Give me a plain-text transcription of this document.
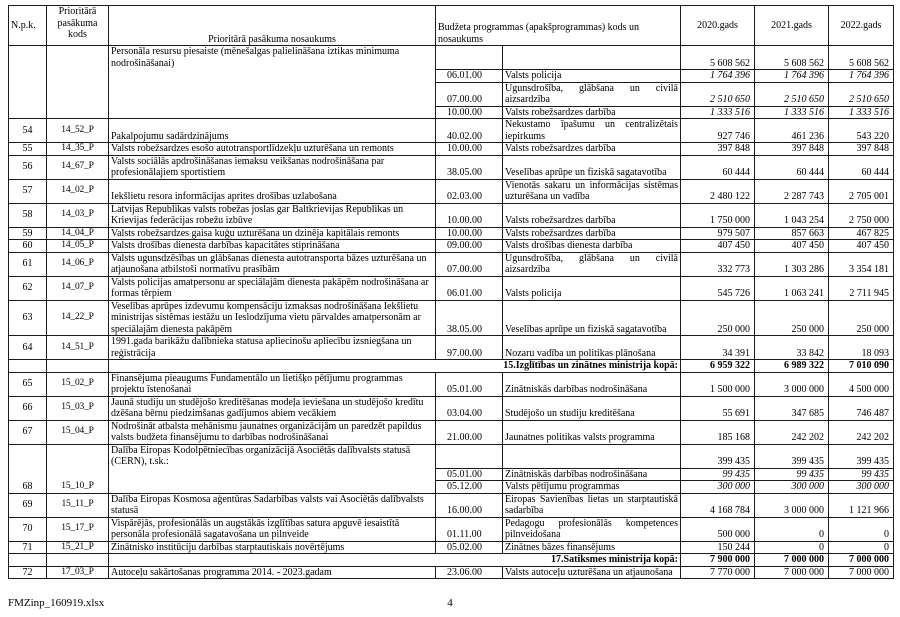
N.p.k.	Prioritārā pasākuma kods	Prioritārā pasākuma nosaukums	Budžeta programmas (apakšprogrammas) kods un nosaukums		2020.gads	2021.gads	2022.gads
		Personāla resursu piesaiste (mēnešalgas palielināšana iztikas minimuma nodrošināšanai)			5 608 562	5 608 562	5 608 562
			06.01.00	Valsts policija	1 764 396	1 764 396	1 764 396
			07.00.00	Ugunsdrošība, glābšana un civilā aizsardzība	2 510 650	2 510 650	2 510 650
			10.00.00	Valsts robežsardzes darbība	1 333 516	1 333 516	1 333 516
54	14_52_P	Pakalpojumu sadārdzinājums	40.02.00	Nekustamo īpašumu un centralizētais iepirkums	927 746	461 236	543 220
55	14_35_P	Valsts robežsardzes esošo autotransportlīdzekļu uzturēšana un remonts	10.00.00	Valsts robežsardzes darbība	397 848	397 848	397 848
56	14_67_P	Valsts sociālās apdrošināšanas iemaksu veikšanas nodrošināšana par profesionālajiem sportistiem	38.05.00	Veselības aprūpe un fiziskā sagatavotība	60 444	60 444	60 444
57	14_02_P	Iekšlietu resora informācijas aprites drošības uzlabošana	02.03.00	Vienotās sakaru un informācijas sistēmas uzturēšana un vadība	2 480 122	2 287 743	2 705 001
58	14_03_P	Latvijas Republikas valsts robežas joslas gar Baltkrievijas Republikas un Krievijas federācijas robežu izbūve	10.00.00	Valsts robežsardzes darbība	1 750 000	1 043 254	2 750 000
59	14_04_P	Valsts robežsardzes gaisa kuģu uzturēšana un dzinēja kapitālais remonts	10.00.00	Valsts robežsardzes darbība	979 507	857 663	467 825
60	14_05_P	Valsts drošības dienesta darbības kapacitātes stiprināšana	09.00.00	Valsts drošības dienesta darbība	407 450	407 450	407 450
61	14_06_P	Valsts ugunsdzēsības un glābšanas dienesta autotransporta bāzes uzturēšana un atjaunošana atbilstoši normatīvu prasībām	07.00.00	Ugunsdrošība, glābšana un civilā aizsardzība	332 773	1 303 286	3 354 181
62	14_07_P	Valsts policijas amatpersonu ar speciālajām dienesta pakāpēm nodrošināšana ar formas tērpiem	06.01.00	Valsts policija	545 726	1 063 241	2 711 945
63	14_22_P	Veselības aprūpes izdevumu kompensāciju izmaksas nodrošināšana Iekšlietu ministrijas sistēmas iestāžu un Ieslodzījuma vietu pārvaldes amatpersonām ar speciālajām dienesta pakāpēm	38.05.00	Veselības aprūpe un fiziskā sagatavotība	250 000	250 000	250 000
64	14_51_P	1991.gada barikāžu dalībnieka statusa apliecinošu apliecību izsniegšana un reģistrācija	97.00.00	Nozaru vadība un politikas plānošana	34 391	33 842	18 093
		15.Izglītības un zinātnes ministrija kopā:			6 959 322	6 989 322	7 010 090
65	15_02_P	Finansējuma pieaugums Fundamentālo un lietišķo pētījumu programmas projektu īstenošanai	05.01.00	Zinātniskās darbības nodrošināšana	1 500 000	3 000 000	4 500 000
66	15_03_P	Jaunā studiju un studējošo kreditēšanas modeļa ieviešana un studējošo kredītu dzēšana bērnu piedzimšanas gadījumos abiem vecākiem	03.04.00	Studējošo un studiju kreditēšana	55 691	347 685	746 487
67	15_04_P	Nodrošināt atbalsta mehānismu jaunatnes organizācijām un paredzēt papildus valsts budžeta finansējumu to darbības nodrošināšanai	21.00.00	Jaunatnes politikas valsts programma	185 168	242 202	242 202
68	15_10_P	Dalība Eiropas Kodolpētniecības organizācijā Asociētās dalībvalsts statusā (CERN), t.sk.:			399 435	399 435	399 435
			05.01.00	Zinātniskās darbības nodrošināšana	99 435	99 435	99 435
			05.12.00	Valsts pētījumu programmas	300 000	300 000	300 000
69	15_11_P	Dalība Eiropas Kosmosa aģentūras Sadarbības valsts vai Asociētās dalībvalsts statusā	16.00.00	Eiropas Savienības lietas un starptautiskā sadarbība	4 168 784	3 000 000	1 121 966
70	15_17_P	Vispārējās, profesionālās un augstākās izglītības satura apguvē iesaistītā personāla profesionālā sagatavošana un pilnveide	01.11.00	Pedagogu profesionālās kompetences pilnveidošana	500 000	0	0
71	15_21_P	Zinātnisko institūciju darbības starptautiskais novērtējums	05.02.00	Zinātnes bāzes finansējums	150 244	0	0
		17.Satiksmes ministrija kopā:			7 900 000	7 000 000	7 000 000
72	17_03_P	Autoceļu sakārtošanas programma 2014. - 2023.gadam	23.06.00	Valsts autoceļu uzturēšana un atjaunošana	7 770 000	7 000 000	7 000 000
FMZinp_160919.xlsx	4
